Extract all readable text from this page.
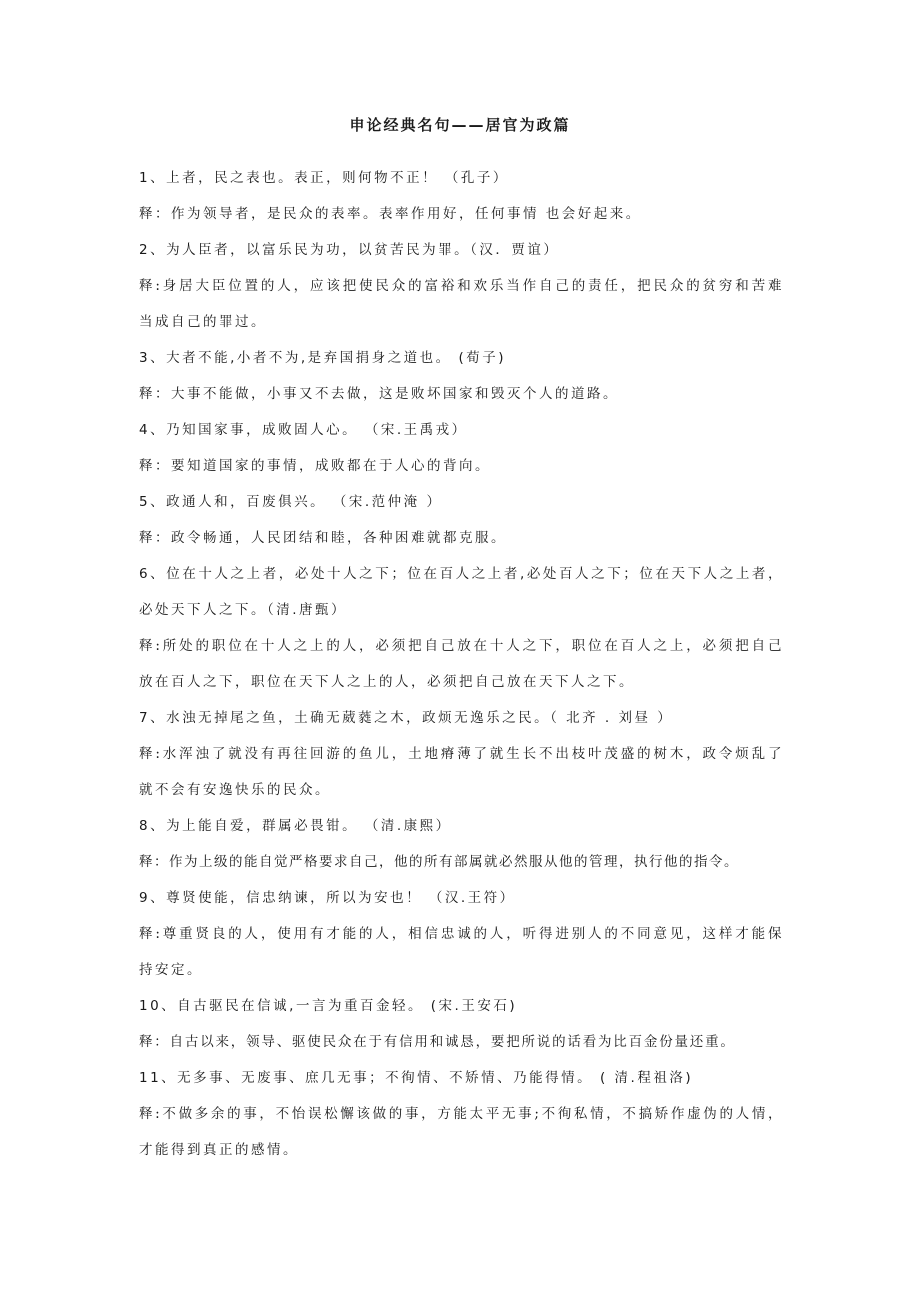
申论经典名句——居官为政篇
1、上者，民之表也。表正，则何物不正！ （孔子）
释：作为领导者，是民众的表率。表率作用好，任何事情 也会好起来。
2、为人臣者，以富乐民为功，以贫苦民为罪。（汉．贾谊）
释:身居大臣位置的人，应该把使民众的富裕和欢乐当作自己的责任，把民众的贫穷和苦难当成自己的罪过。
3、大者不能,小者不为,是弃国捐身之道也。 (荀子)
释：大事不能做，小事又不去做，这是败坏国家和毁灭个人的道路。
4、乃知国家事，成败固人心。 （宋.王禹戎）
释：要知道国家的事情，成败都在于人心的背向。
5、政通人和，百废俱兴。 （宋.范仲淹 ）
释：政令畅通，人民团结和睦，各种困难就都克服。
6、位在十人之上者，必处十人之下；位在百人之上者,必处百人之下；位在天下人之上者，必处天下人之下。（清.唐甄）
释:所处的职位在十人之上的人，必须把自己放在十人之下，职位在百人之上，必须把自己放在百人之下，职位在天下人之上的人，必须把自己放在天下人之下。
7、水浊无掉尾之鱼，土确无葳蕤之木，政烦无逸乐之民。（ 北齐 . 刘昼 ）
释:水浑浊了就没有再往回游的鱼儿，土地瘠薄了就生长不出枝叶茂盛的树木，政令烦乱了就不会有安逸快乐的民众。
8、为上能自爱，群属必畏钳。 （清.康熙）
释：作为上级的能自觉严格要求自己，他的所有部属就必然服从他的管理，执行他的指令。
9、尊贤使能，信忠纳谏，所以为安也！ （汉.王符）
释:尊重贤良的人，使用有才能的人，相信忠诚的人，听得进别人的不同意见，这样才能保持安定。
10、自古驱民在信诚,一言为重百金轻。 (宋.王安石)
释：自古以来，领导、驱使民众在于有信用和诚恳，要把所说的话看为比百金份量还重。
11、无多事、无废事、庶几无事；不徇情、不矫情、乃能得情。 ( 清.程祖洛)
释:不做多余的事，不怡误松懈该做的事，方能太平无事;不徇私情，不搞矫作虚伪的人情，才能得到真正的感情。
